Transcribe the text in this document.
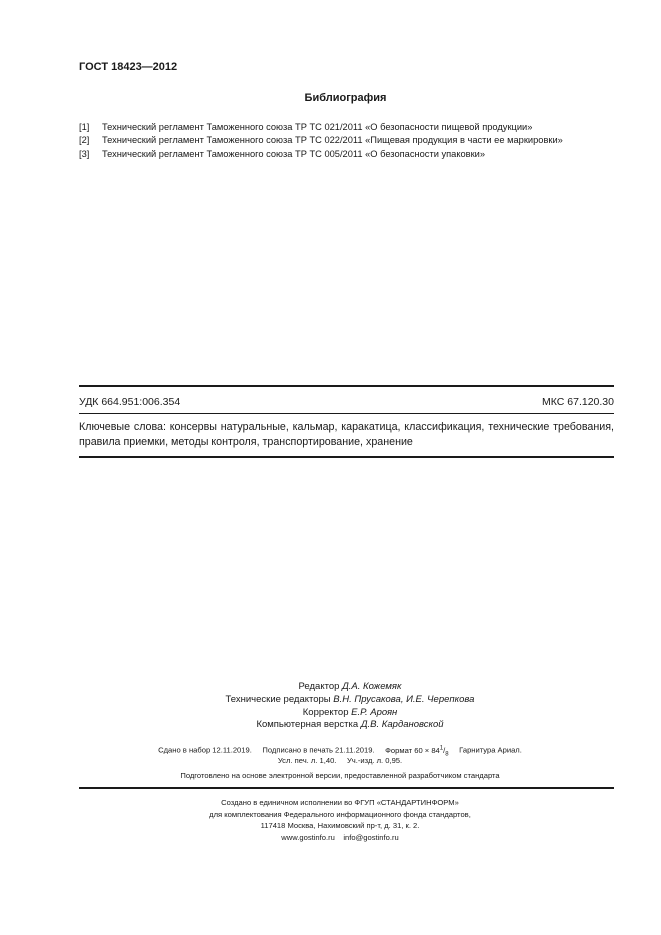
ГОСТ 18423—2012
Библиография
[1] Технический регламент Таможенного союза ТР ТС 021/2011 «О безопасности пищевой продукции»
[2] Технический регламент Таможенного союза ТР ТС 022/2011 «Пищевая продукция в части ее маркировки»
[3] Технический регламент Таможенного союза ТР ТС 005/2011 «О безопасности упаковки»
УДК 664.951:006.354	МКС 67.120.30
Ключевые слова: консервы натуральные, кальмар, каракатица, классификация, технические требования, правила приемки, методы контроля, транспортирование, хранение
Редактор Д.А. Кожемяк
Технические редакторы В.Н. Прусакова, И.Е. Черепкова
Корректор Е.Р. Ароян
Компьютерная верстка Д.В. Кардановской
Сдано в набор 12.11.2019. Подписано в печать 21.11.2019. Формат $60 \times 84^1/_8$ Гарнитура Ариал.
Усл. печ. л. 1,40. Уч.-изд. л. 0,95.
Подготовлено на основе электронной версии, предоставленной разработчиком стандарта
Создано в единичном исполнении во ФГУП «СТАНДАРТИНФОРМ»
для комплектования Федерального информационного фонда стандартов,
117418 Москва, Нахимовский пр-т, д. 31, к. 2.
www.gostinfo.ru info@gostinfo.ru
